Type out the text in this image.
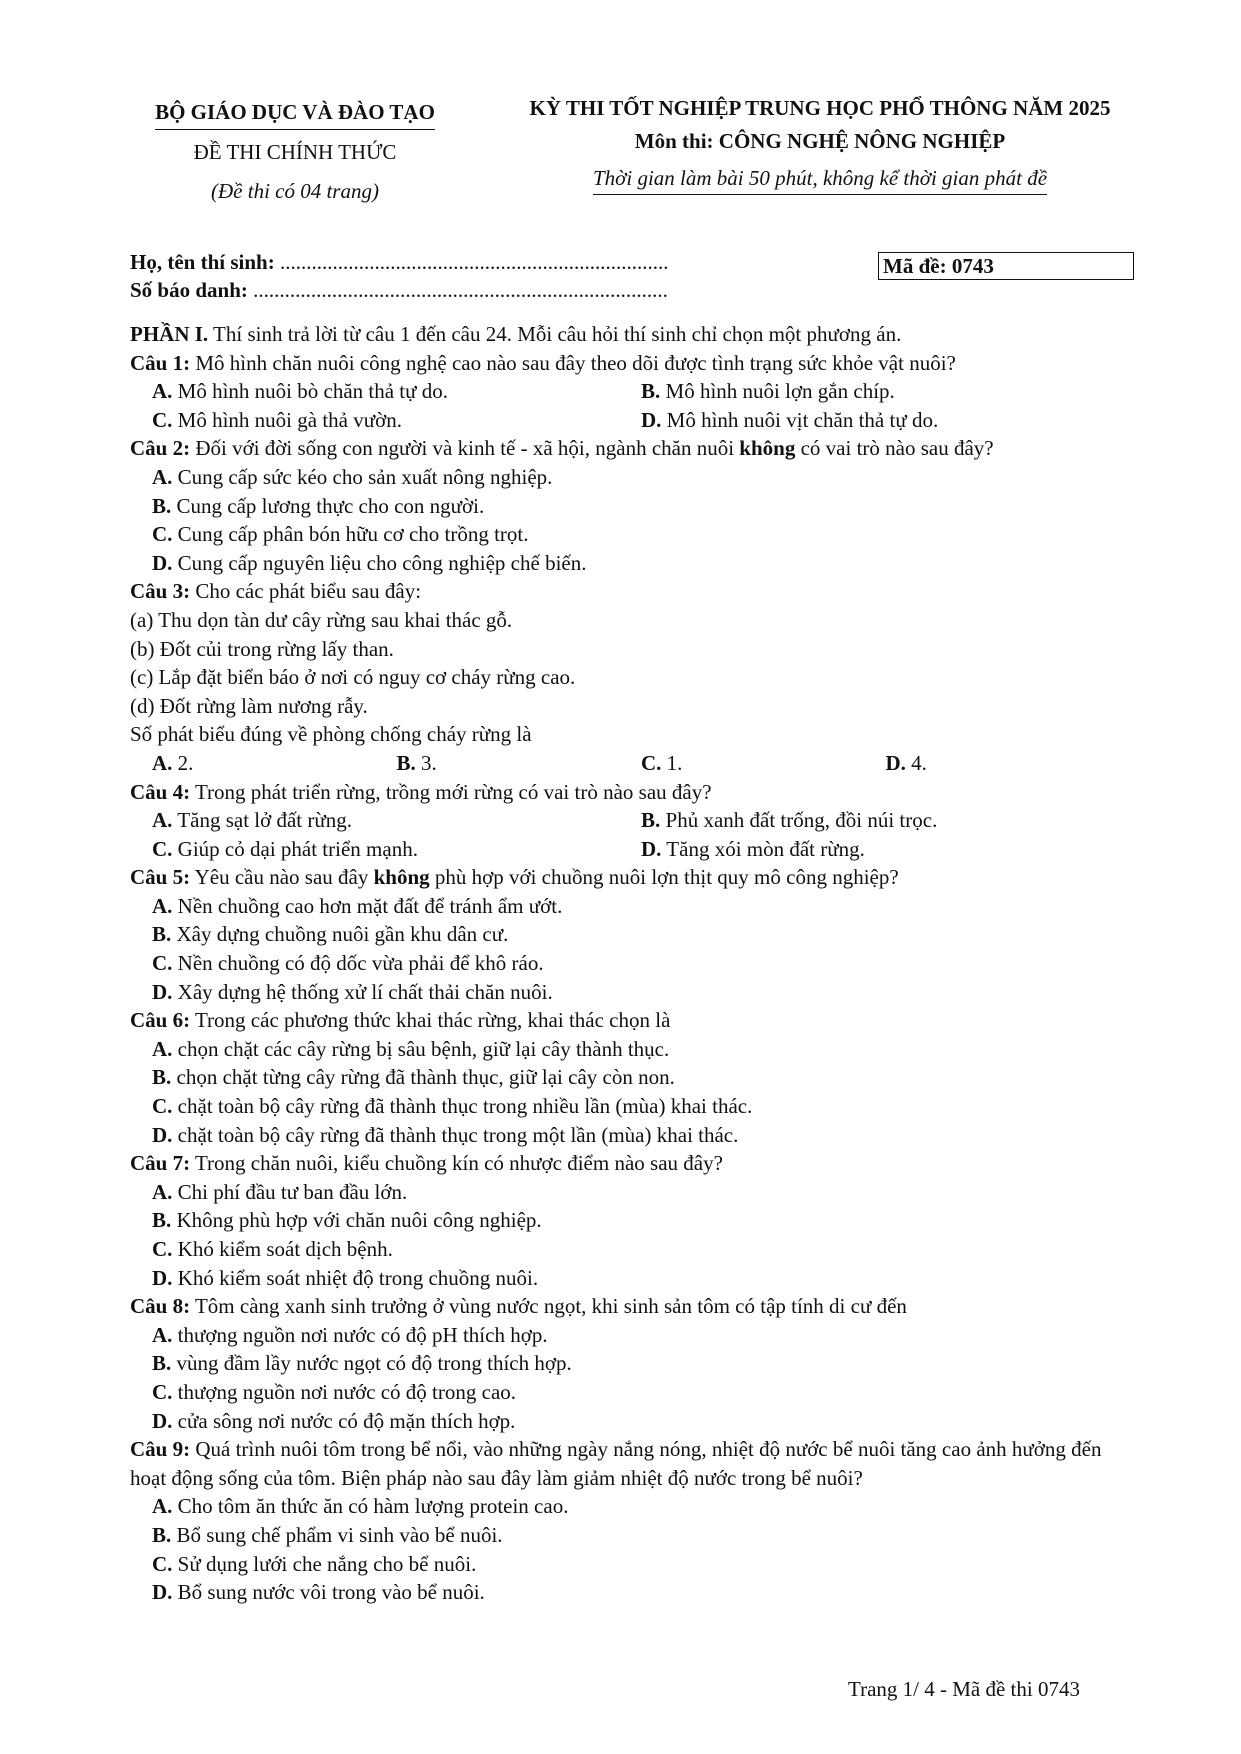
BỘ GIÁO DỤC VÀ ĐÀO TẠO
ĐỀ THI CHÍNH THỨC
(Đề thi có 04 trang)
KỲ THI TỐT NGHIỆP TRUNG HỌC PHỔ THÔNG NĂM 2025
Môn thi: CÔNG NGHỆ NÔNG NGHIỆP
Thời gian làm bài 50 phút, không kể thời gian phát đề
Họ, tên thí sinh: ..........................................................................
Số báo danh: ...............................................................................
Mã đề: 0743
PHẦN I. Thí sinh trả lời từ câu 1 đến câu 24. Mỗi câu hỏi thí sinh chỉ chọn một phương án.
Câu 1: Mô hình chăn nuôi công nghệ cao nào sau đây theo dõi được tình trạng sức khỏe vật nuôi?
A. Mô hình nuôi bò chăn thả tự do.	B. Mô hình nuôi lợn gắn chíp.
C. Mô hình nuôi gà thả vườn.	D. Mô hình nuôi vịt chăn thả tự do.
Câu 2: Đối với đời sống con người và kinh tế - xã hội, ngành chăn nuôi không có vai trò nào sau đây?
A. Cung cấp sức kéo cho sản xuất nông nghiệp.
B. Cung cấp lương thực cho con người.
C. Cung cấp phân bón hữu cơ cho trồng trọt.
D. Cung cấp nguyên liệu cho công nghiệp chế biến.
Câu 3: Cho các phát biểu sau đây:
(a) Thu dọn tàn dư cây rừng sau khai thác gỗ.
(b) Đốt củi trong rừng lấy than.
(c) Lắp đặt biển báo ở nơi có nguy cơ cháy rừng cao.
(d) Đốt rừng làm nương rẫy.
Số phát biểu đúng về phòng chống cháy rừng là
A. 2.	B. 3.	C. 1.	D. 4.
Câu 4: Trong phát triển rừng, trồng mới rừng có vai trò nào sau đây?
A. Tăng sạt lở đất rừng.	B. Phủ xanh đất trống, đồi núi trọc.
C. Giúp cỏ dại phát triển mạnh.	D. Tăng xói mòn đất rừng.
Câu 5: Yêu cầu nào sau đây không phù hợp với chuồng nuôi lợn thịt quy mô công nghiệp?
A. Nền chuồng cao hơn mặt đất để tránh ẩm ướt.
B. Xây dựng chuồng nuôi gần khu dân cư.
C. Nền chuồng có độ dốc vừa phải để khô ráo.
D. Xây dựng hệ thống xử lí chất thải chăn nuôi.
Câu 6: Trong các phương thức khai thác rừng, khai thác chọn là
A. chọn chặt các cây rừng bị sâu bệnh, giữ lại cây thành thục.
B. chọn chặt từng cây rừng đã thành thục, giữ lại cây còn non.
C. chặt toàn bộ cây rừng đã thành thục trong nhiều lần (mùa) khai thác.
D. chặt toàn bộ cây rừng đã thành thục trong một lần (mùa) khai thác.
Câu 7: Trong chăn nuôi, kiểu chuồng kín có nhược điểm nào sau đây?
A. Chi phí đầu tư ban đầu lớn.
B. Không phù hợp với chăn nuôi công nghiệp.
C. Khó kiểm soát dịch bệnh.
D. Khó kiểm soát nhiệt độ trong chuồng nuôi.
Câu 8: Tôm càng xanh sinh trưởng ở vùng nước ngọt, khi sinh sản tôm có tập tính di cư đến
A. thượng nguồn nơi nước có độ pH thích hợp.
B. vùng đầm lầy nước ngọt có độ trong thích hợp.
C. thượng nguồn nơi nước có độ trong cao.
D. cửa sông nơi nước có độ mặn thích hợp.
Câu 9: Quá trình nuôi tôm trong bể nổi, vào những ngày nắng nóng, nhiệt độ nước bể nuôi tăng cao ảnh hưởng đến hoạt động sống của tôm. Biện pháp nào sau đây làm giảm nhiệt độ nước trong bể nuôi?
A. Cho tôm ăn thức ăn có hàm lượng protein cao.
B. Bổ sung chế phẩm vi sinh vào bể nuôi.
C. Sử dụng lưới che nắng cho bể nuôi.
D. Bổ sung nước vôi trong vào bể nuôi.
Trang 1/ 4 - Mã đề thi 0743
